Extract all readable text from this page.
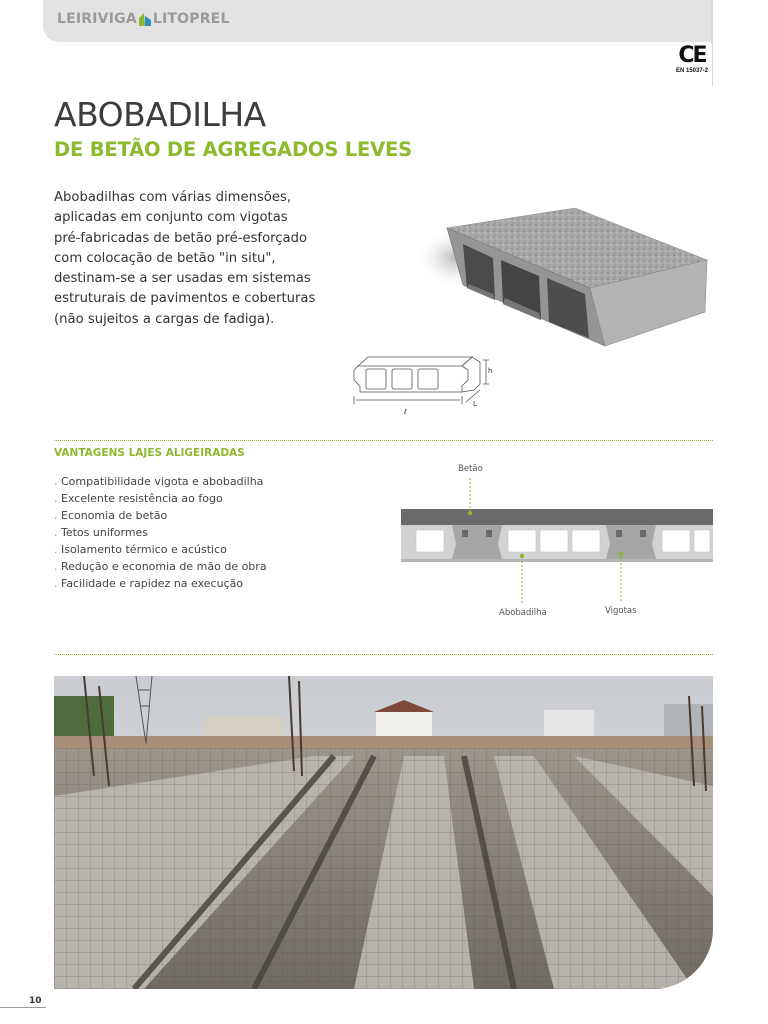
LEIRIVIGA LITOPREL
CE
EN 15037-2
ABOBADILHA
DE BETÃO DE AGREGADOS LEVES

Abobadilhas com várias dimensões,
aplicadas em conjunto com vigotas
pré-fabricadas de betão pré-esforçado
com colocação de betão "in situ",
destinam-se a ser usadas em sistemas
estruturais de pavimentos e coberturas
(não sujeitos a cargas de fadiga).

ℓ
L
h
VANTAGENS LAJES ALIGEIRADAS
. Compatibilidade vigota e abobadilha
. Excelente resistência ao fogo
. Economia de betão
. Tetos uniformes
. Isolamento térmico e acústico
. Redução e economia de mão de obra
. Facilidade e rapidez na execução
Betão
Abobadilha	Vigotas
10
